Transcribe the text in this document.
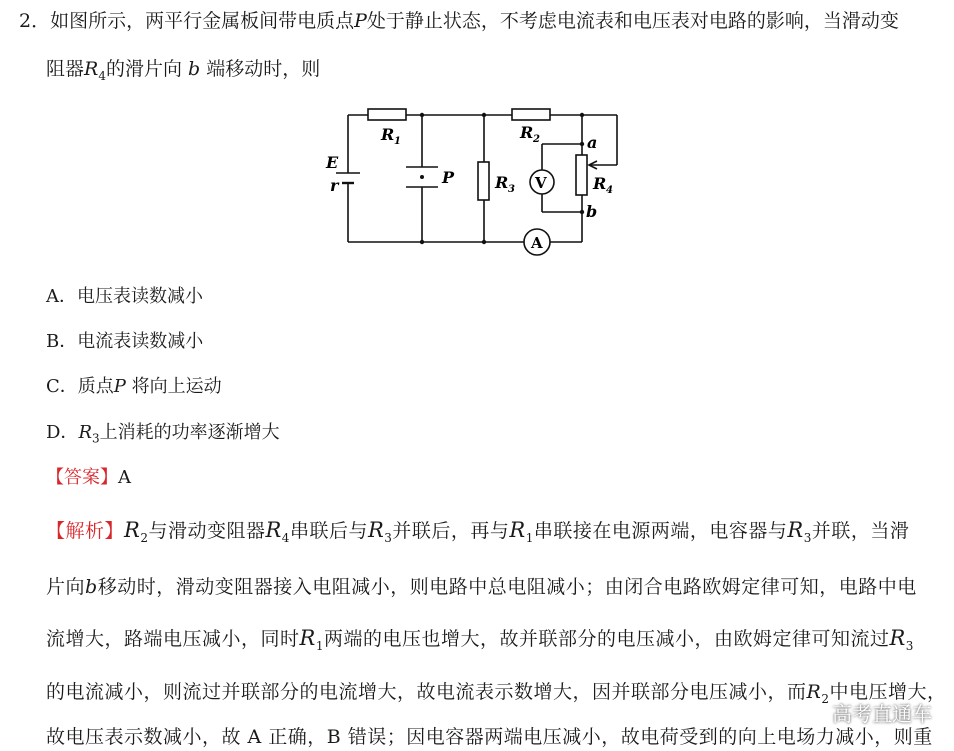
2．如图所示，两平行金属板间带电质点P处于静止状态，不考虑电流表和电压表对电路的影响，当滑动变
阻器$R_4$的滑片向 b 端移动时，则
R 1	R 2
R 3	R 4
E
r	P
a
b
V
A
A．电压表读数减小
B．电流表读数减小
C．质点P 将向上运动
D．$R_3$上消耗的功率逐渐增大
【答案】A
【解析】$R_2$与滑动变阻器$R_4$串联后与$R_3$并联后，再与$R_1$串联接在电源两端，电容器与$R_3$并联，当滑
片向b移动时，滑动变阻器接入电阻减小，则电路中总电阻减小；由闭合电路欧姆定律可知，电路中电
流增大，路端电压减小，同时$R_1$两端的电压也增大，故并联部分的电压减小，由欧姆定律可知流过$R_3$
的电流减小，则流过并联部分的电流增大，故电流表示数增大，因并联部分电压减小，而$R_2$中电压增大，
故电压表示数减小，故 A 正确，B 错误；因电容器两端电压减小，故电荷受到的向上电场力减小，则重
高考直通车
